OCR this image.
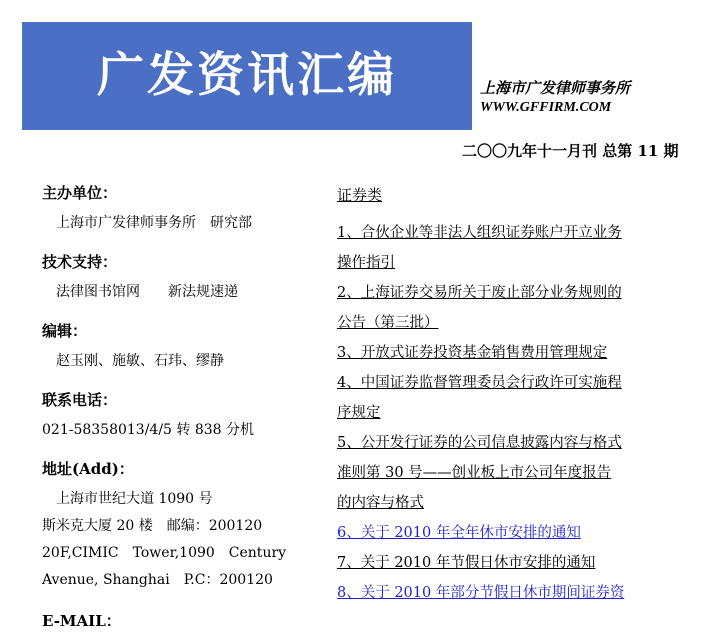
广发资讯汇编	上海市广发律师事务所
WWW.GFFIRM.COM
二〇〇九年十一月刊 总第 11 期
主办单位：
上海市广发律师事务所　研究部
技术支持：
法律图书馆网　　新法规速递
编辑：
赵玉刚、施敏、石玮、缪静
联系电话：
021-58358013/4/5 转 838 分机
地址(Add)：
上海市世纪大道 1090 号
斯米克大厦 20 楼　邮编：200120
20F,CIMIC　Tower,1090　Century
Avenue, Shanghai　P.C：200120
E-MAIL：
证券类
1、合伙企业等非法人组织证券账户开立业务
操作指引
2、上海证券交易所关于废止部分业务规则的
公告（第三批）
3、开放式证券投资基金销售费用管理规定
4、中国证券监督管理委员会行政许可实施程
序规定
5、公开发行证券的公司信息披露内容与格式
准则第 30 号——创业板上市公司年度报告
的内容与格式
6、关于 2010 年全年休市安排的通知
7、关于 2010 年节假日休市安排的通知
8、关于 2010 年部分节假日休市期间证券资
